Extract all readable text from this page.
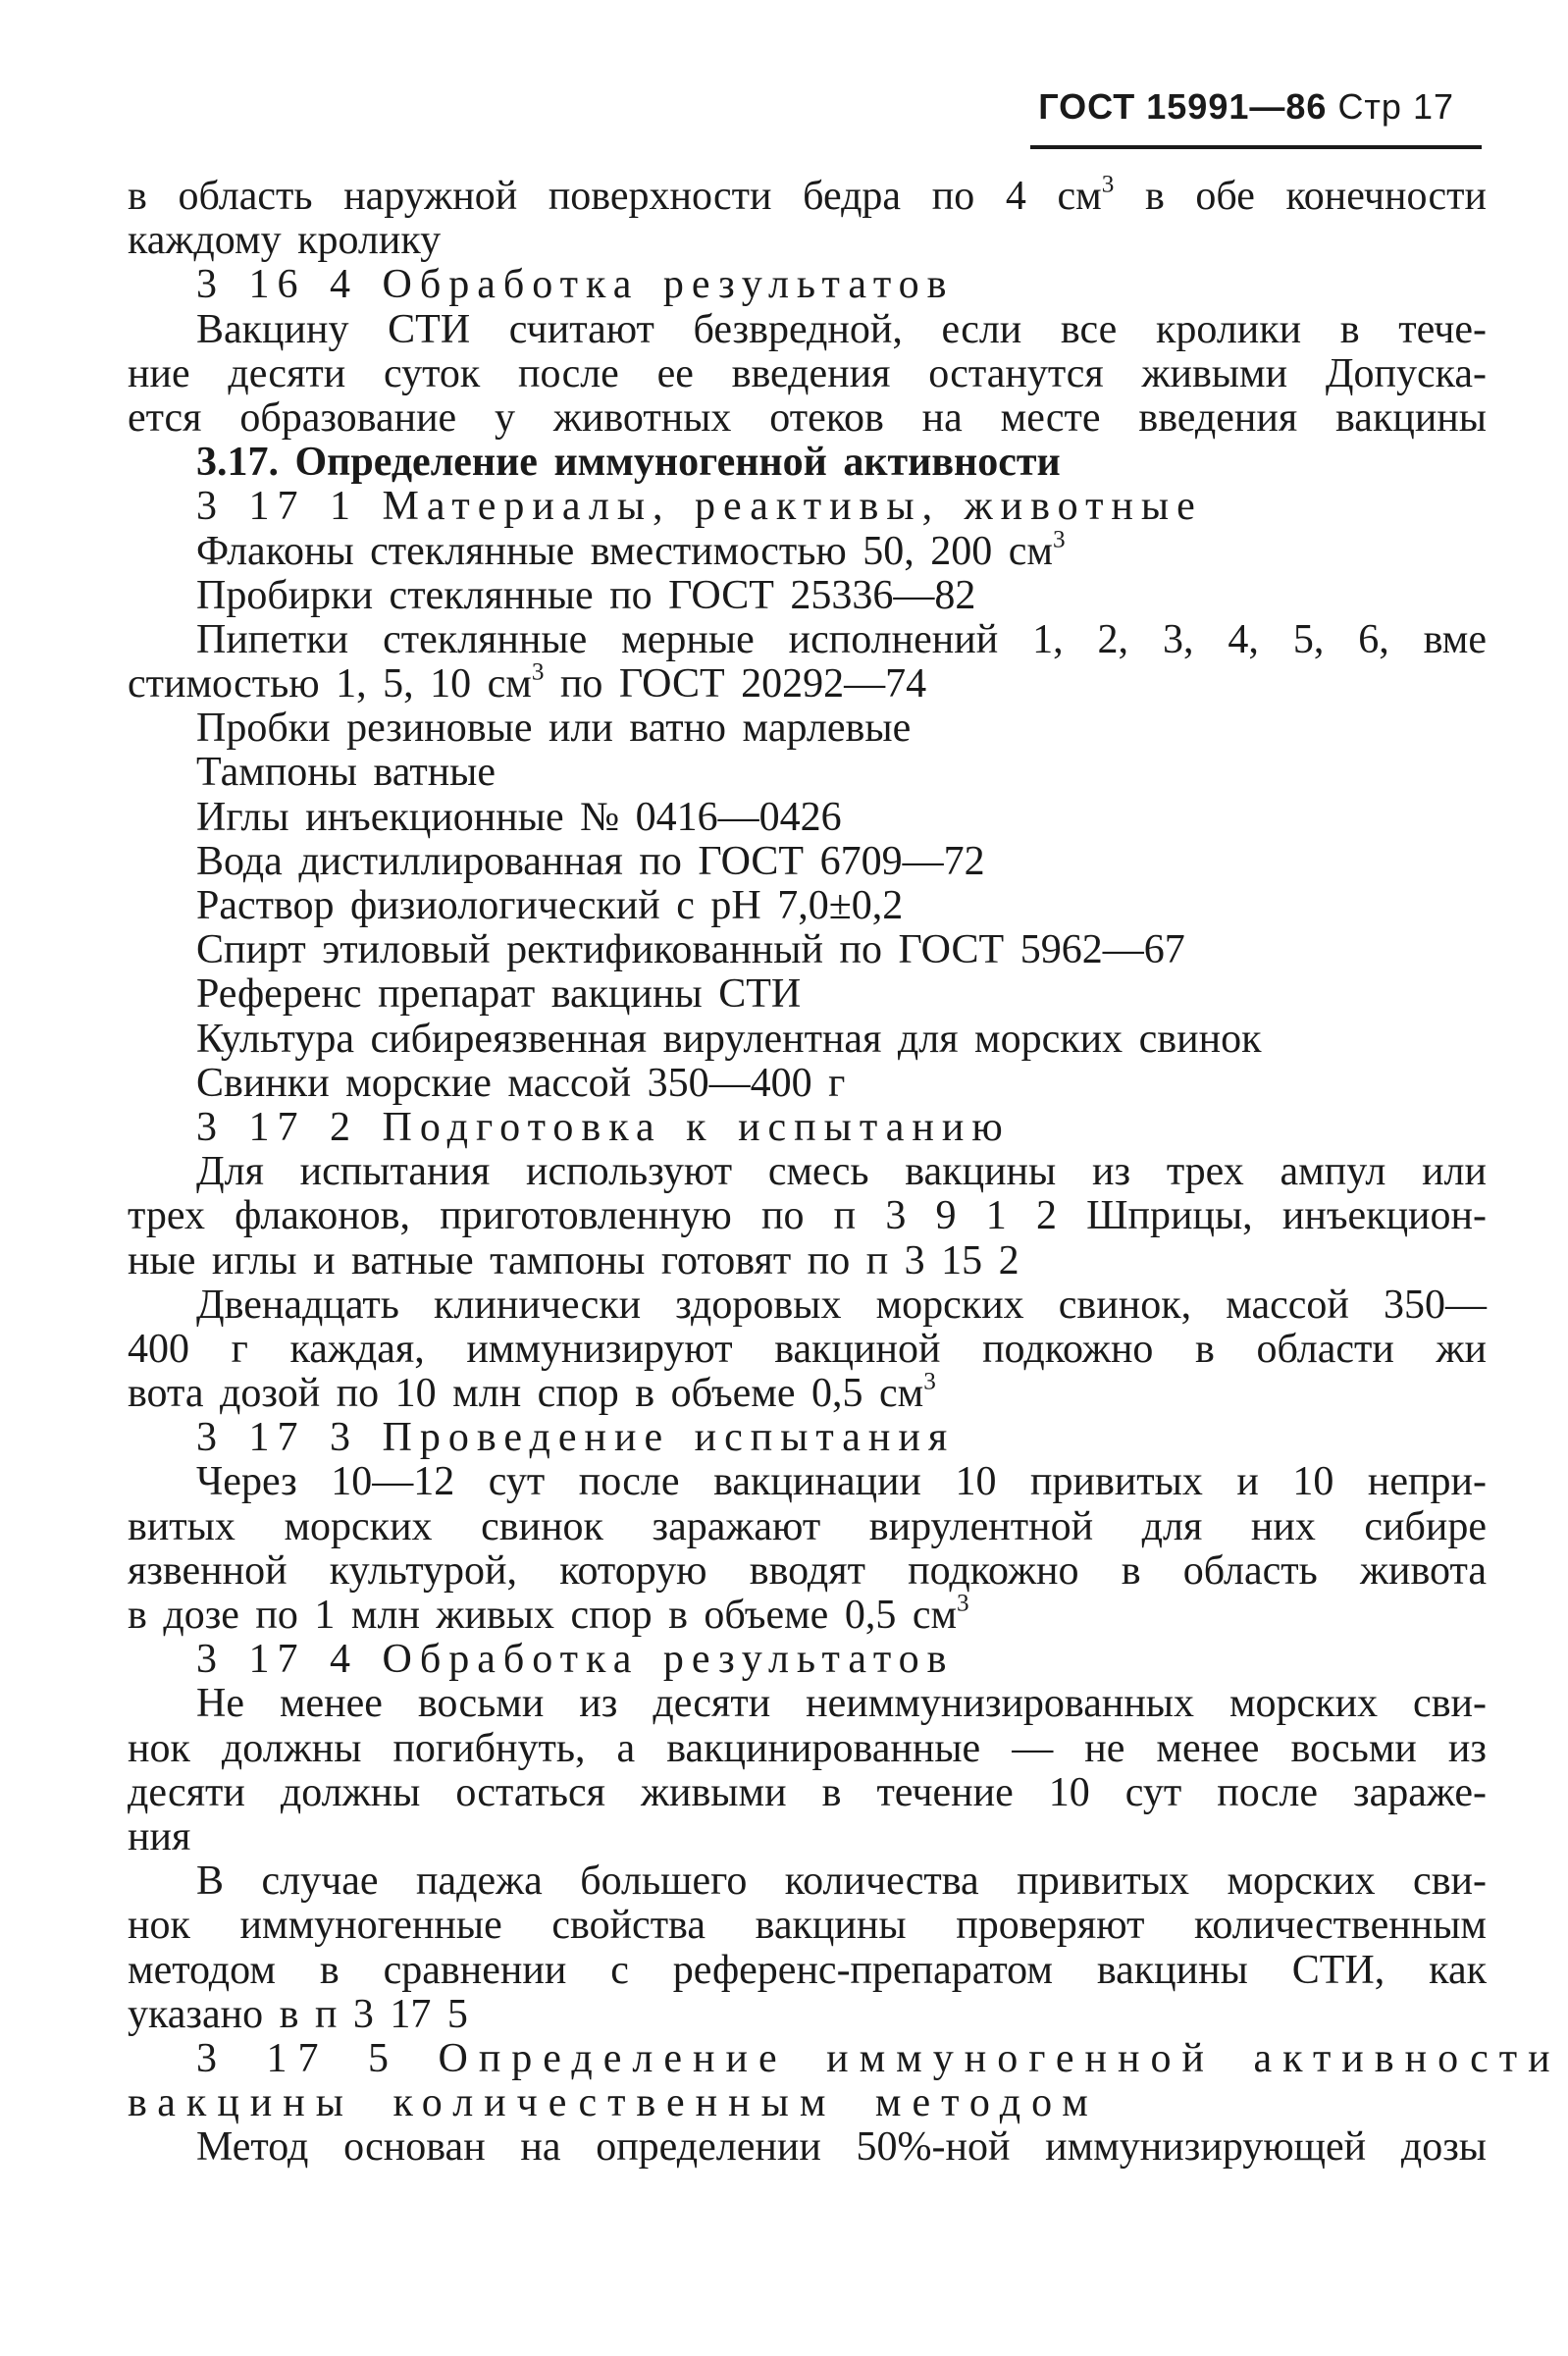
ГОСТ 15991—86 Стр 17
в область наружной поверхности бедра по 4 $см^3$ в обе конечности
каждому кролику
3 16 4 Обработка результатов
Вакцину СТИ считают безвредной, если все кролики в тече-
ние десяти суток после ее введения останутся живыми Допуска-
ется образование у животных отеков на месте введения вакцины
3.17. Определение иммуногенной активности
3 17 1 Материалы, реактивы, животные
Флаконы стеклянные вместимостью 50, 200 $см^3$
Пробирки стеклянные по ГОСТ 25336—82
Пипетки стеклянные мерные исполнений 1, 2, 3, 4, 5, 6, вме
стимостью 1, 5, 10 $см^3$ по ГОСТ 20292—74
Пробки резиновые или ватно марлевые
Тампоны ватные
Иглы инъекционные № 0416—0426
Вода дистиллированная по ГОСТ 6709—72
Раствор физиологический с pH 7,0±0,2
Спирт этиловый ректификованный по ГОСТ 5962—67
Референс препарат вакцины СТИ
Культура сибиреязвенная вирулентная для морских свинок
Свинки морские массой 350—400 г
3 17 2 Подготовка к испытанию
Для испытания используют смесь вакцины из трех ампул или
трех флаконов, приготовленную по п 3 9 1 2 Шприцы, инъекцион-
ные иглы и ватные тампоны готовят по п 3 15 2
Двенадцать клинически здоровых морских свинок, массой 350—
400 г каждая, иммунизируют вакциной подкожно в области жи
вота дозой по 10 млн спор в объеме 0,5 $см^3$
3 17 3 Проведение испытания
Через 10—12 сут после вакцинации 10 привитых и 10 непри-
витых морских свинок заражают вирулентной для них сибире
язвенной культурой, которую вводят подкожно в область живота
в дозе по 1 млн живых спор в объеме 0,5 $см^3$
3 17 4 Обработка результатов
Не менее восьми из десяти неиммунизированных морских сви-
нок должны погибнуть, а вакцинированные — не менее восьми из
десяти должны остаться живыми в течение 10 сут после зараже-
ния
В случае падежа большего количества привитых морских сви-
нок иммуногенные свойства вакцины проверяют количественным
методом в сравнении с референс-препаратом вакцины СТИ, как
указано в п 3 17 5
3 17 5 Определение иммуногенной активности
вакцины количественным методом
Метод основан на определении 50%-ной иммунизирующей дозы
